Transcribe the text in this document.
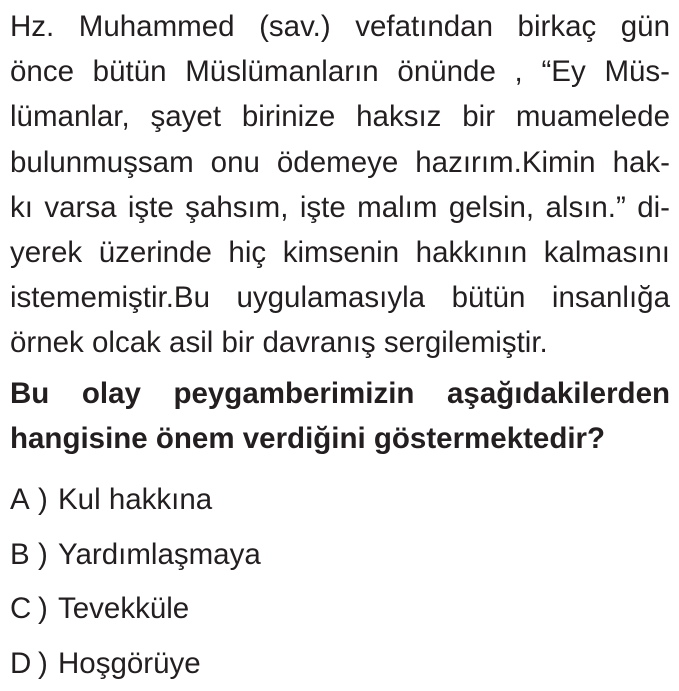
Hz. Muhammed (sav.) vefatından birkaç gün
önce bütün Müslümanların önünde , “Ey Müs-
lümanlar, şayet birinize haksız bir muamelede
bulunmuşsam onu ödemeye hazırım.Kimin hak-
kı varsa işte şahsım, işte malım gelsin, alsın.” di-
yerek üzerinde hiç kimsenin hakkının kalmasını
istememiştir.Bu uygulamasıyla bütün insanlığa
örnek olcak asil bir davranış sergilemiştir.
Bu olay peygamberimizin aşağıdakilerden
hangisine önem verdiğini göstermektedir?
A ) Kul hakkına
B ) Yardımlaşmaya
C ) Tevekküle
D ) Hoşgörüye
